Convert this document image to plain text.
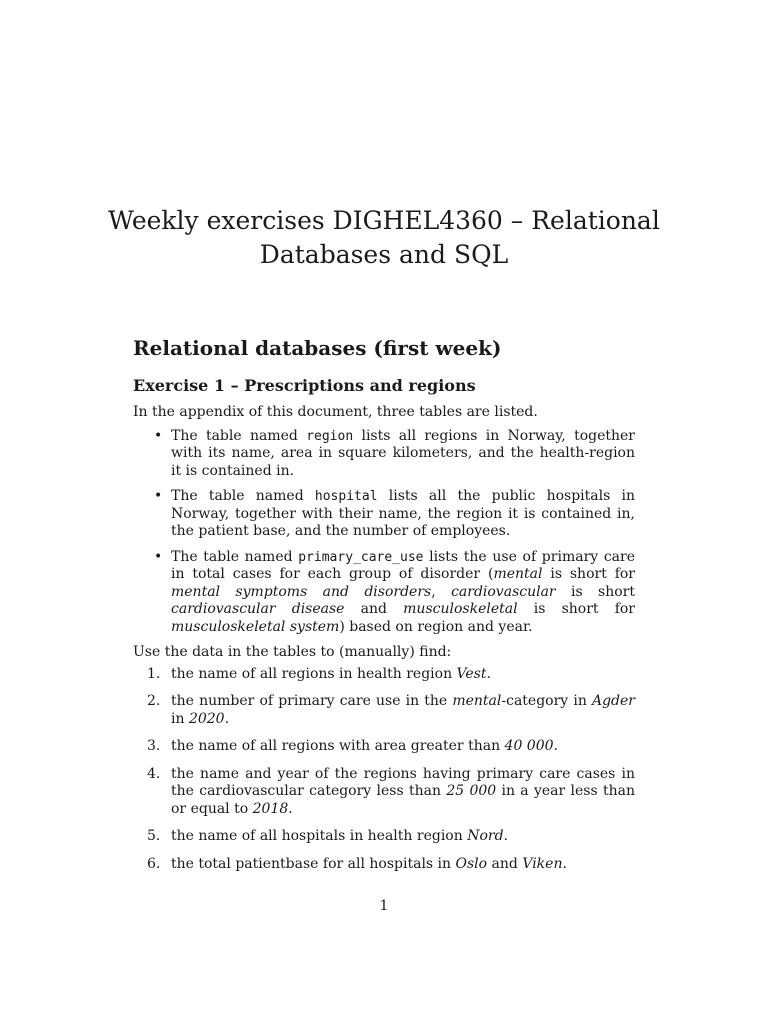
Weekly exercises DIGHEL4360 – Relational
Databases and SQL
Relational databases (first week)
Exercise 1 – Prescriptions and regions

In the appendix of this document, three tables are listed.

• The table named region lists all regions in Norway, together with its name, area in square kilometers, and the health-region it is contained in.
• The table named hospital lists all the public hospitals in Norway, together with their name, the region it is contained in, the patient base, and the number of employees.
• The table named primary_care_use lists the use of primary care in total cases for each group of disorder (mental is short for mental symptoms and disorders, cardiovascular is short cardiovascular disease and musculoskeletal is short for musculoskeletal system) based on region and year.

Use the data in the tables to (manually) find:

1. the name of all regions in health region Vest.
2. the number of primary care use in the mental-category in Agder in 2020.
3. the name of all regions with area greater than 40 000.
4. the name and year of the regions having primary care cases in the cardiovascular category less than 25 000 in a year less than or equal to 2018.
5. the name of all hospitals in health region Nord.
6. the total patientbase for all hospitals in Oslo and Viken.
1
